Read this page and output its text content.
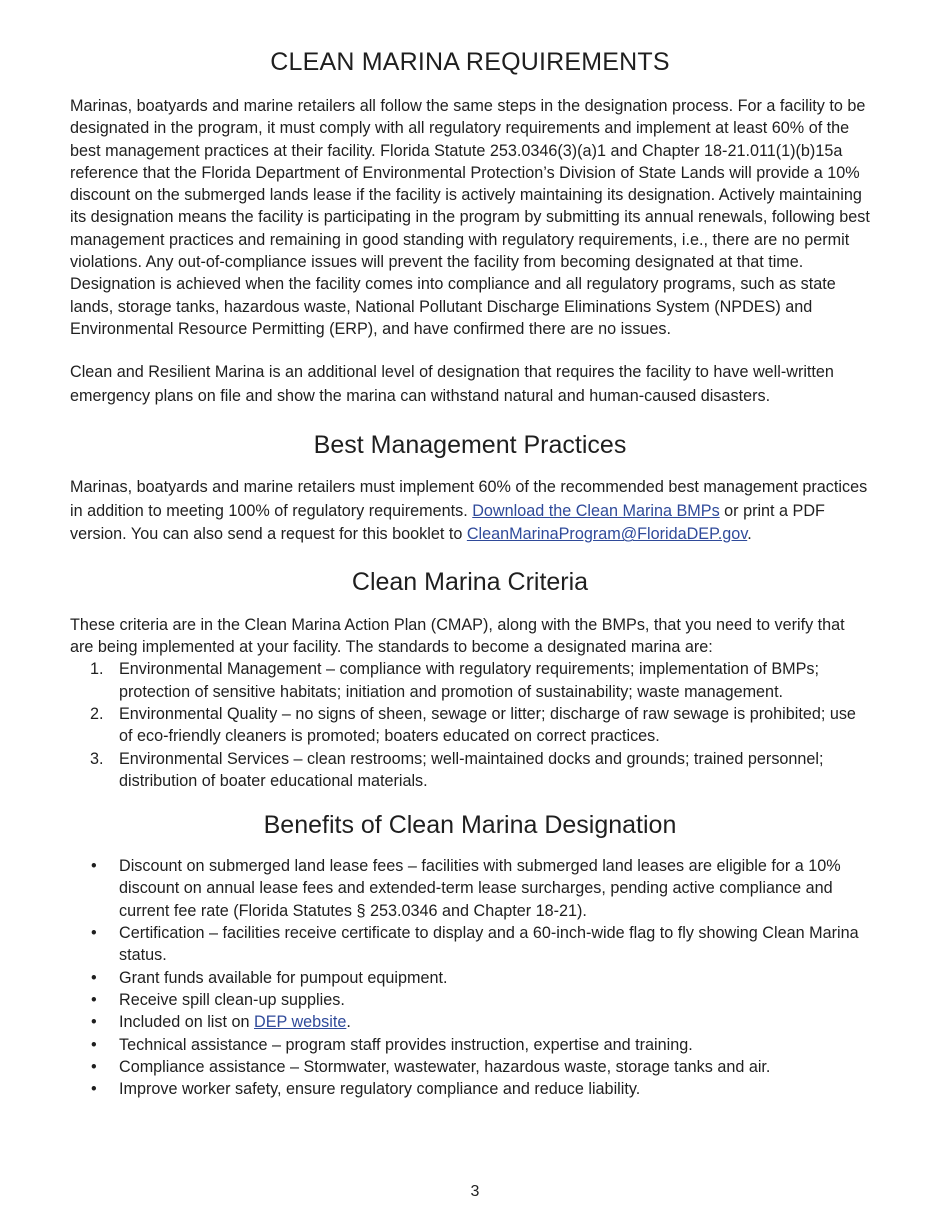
CLEAN MARINA REQUIREMENTS

Marinas, boatyards and marine retailers all follow the same steps in the designation process. For a facility to be designated in the program, it must comply with all regulatory requirements and implement at least 60% of the best management practices at their facility. Florida Statute 253.0346(3)(a)1 and Chapter 18-21.011(1)(b)15a reference that the Florida Department of Environmental Protection’s Division of State Lands will provide a 10% discount on the submerged lands lease if the facility is actively maintaining its designation. Actively maintaining its designation means the facility is participating in the program by submitting its annual renewals, following best management practices and remaining in good standing with regulatory requirements, i.e., there are no permit violations. Any out-of-compliance issues will prevent the facility from becoming designated at that time. Designation is achieved when the facility comes into compliance and all regulatory programs, such as state lands, storage tanks, hazardous waste, National Pollutant Discharge Eliminations System (NPDES) and Environmental Resource Permitting (ERP), and have confirmed there are no issues.

Clean and Resilient Marina is an additional level of designation that requires the facility to have well-written emergency plans on file and show the marina can withstand natural and human-caused disasters.

Best Management Practices

Marinas, boatyards and marine retailers must implement 60% of the recommended best management practices in addition to meeting 100% of regulatory requirements. Download the Clean Marina BMPs or print a PDF version. You can also send a request for this booklet to CleanMarinaProgram@FloridaDEP.gov.

Clean Marina Criteria

These criteria are in the Clean Marina Action Plan (CMAP), along with the BMPs, that you need to verify that are being implemented at your facility. The standards to become a designated marina are:

1. Environmental Management – compliance with regulatory requirements; implementation of BMPs; protection of sensitive habitats; initiation and promotion of sustainability; waste management.
2. Environmental Quality – no signs of sheen, sewage or litter; discharge of raw sewage is prohibited; use of eco-friendly cleaners is promoted; boaters educated on correct practices.
3. Environmental Services – clean restrooms; well-maintained docks and grounds; trained personnel; distribution of boater educational materials.
Benefits of Clean Marina Designation
• Discount on submerged land lease fees – facilities with submerged land leases are eligible for a 10% discount on annual lease fees and extended-term lease surcharges, pending active compliance and current fee rate (Florida Statutes § 253.0346 and Chapter 18-21).
• Certification – facilities receive certificate to display and a 60-inch-wide flag to fly showing Clean Marina status.
• Grant funds available for pumpout equipment.
• Receive spill clean-up supplies.
• Included on list on DEP website.
• Technical assistance – program staff provides instruction, expertise and training.
• Compliance assistance – Stormwater, wastewater, hazardous waste, storage tanks and air.
• Improve worker safety, ensure regulatory compliance and reduce liability.
3
